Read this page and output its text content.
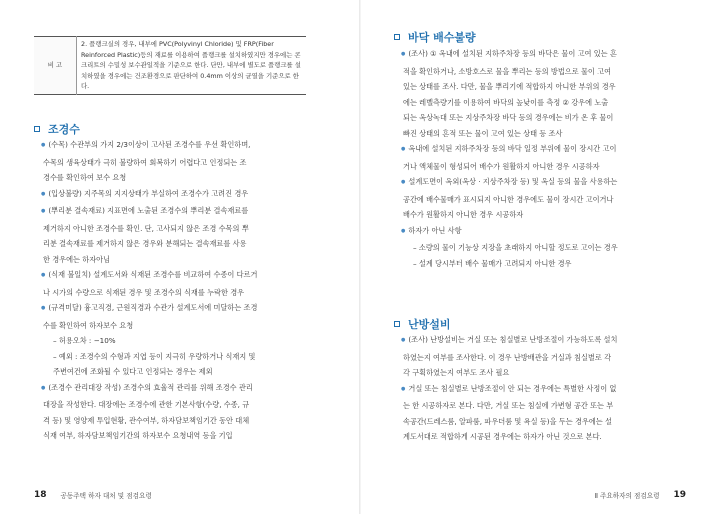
비 고	2. 플랭크실의 경우, 내부에 PVC(Polyvinyl Chloride) 및 FRP(Fiber Reinforced Plastic)등의 재료를 이용하여 플랭크를 설치하였지만 경우에는 콘크리트의 수밀성 보수관일적을 기준으로 한다. 단만, 내부에 별도로 플랭크를 설치하였을 경우에는 건조환경으로 판단하여 0.4mm 이상의 균열을 기준으로 한다.
조경수

● (수목) 수관부의 가지 2/3이상이 고사된 조경수를 우선 확인하며,

수목의 생육상태가 극히 불량하여 회복하기 어렵다고 인정되는 조

경수를 확인하여 보수 요청

● (입상불량) 지주목의 지지상태가 부실하여 조경수가 고려진 경우

● (뿌리분 결속재료) 지표면에 노출된 조경수의 뿌리분 결속재료를

제거하지 아니한 조경수를 확인. 단, 고사되지 않은 조경 수목의 뿌

리분 결속재료를 제거하지 않은 경우와 분해되는 결속재료를 사용

한 경우에는 하자아님

● (식재 불일치) 설계도서와 식재된 조경수를 비교하여 수종이 다르거

나 시가의 수량으로 식재된 경우 및 조경수의 식재를 누락한 경우

● (규격미달) 흉고직경, 근원직경과 수관가 설계도서에 미달하는 조경

수를 확인하여 하자보수 요청

– 허용오차 : −10%

– 예외 : 조경수의 수형과 지엽 등이 지극히 우량하거나 식재지 및

주변여건에 조화될 수 있다고 인정되는 경우는 제외

● (조경수 관리대장 작성) 조경수의 효율적 관리를 위해 조경수 관리

대장을 작성한다. 대장에는 조경수에 관한 기본사항(수량, 수종, 규

격 등) 및 영양제 투입현황, 관수여부, 하자담보책임기간 동안 대체

식재 여부, 하자담보책임기간의 하자보수 요청내역 등을 기입

18 공동주택 하자 대처 및 점검요령
바닥 배수불량

● (조사) ① 옥내에 설치된 지하주차장 등의 바닥은 물이 고여 있는 흔

적을 확인하거나, 소방호스로 물을 뿌리는 등의 방법으로 물이 고여

있는 상태를 조사. 다만, 물을 뿌리기에 적합하지 아니한 부위의 경우

에는 레벨측량기를 이용하여 바닥의 높낮이를 측정 ② 강우에 노출

되는 옥상녹대 또는 지상주차장 바닥 등의 경우에는 비가 온 후 물이

빠진 상태의 흔적 또는 물이 고여 있는 상태 등 조사

● 옥내에 설치된 지하주차장 등의 바닥 일정 부위에 물이 장시간 고이

거나 액체물이 형성되어 배수가 원활하지 아니한 경우 시공하자

● 설계도면이 옥외(옥상 · 지상주차장 등) 및 옥실 등의 물을 사용하는

공간에 배수물매가 표시되지 아니한 경우에도 물이 장시간 고이거나

배수가 원활하지 아니한 경우 시공하자

● 하자가 아닌 사항

– 소량의 물이 기능상 지장을 초래하지 아니할 정도로 고이는 경우

– 설계 당시부터 배수 물매가 고려되지 아니한 경우

난방설비

● (조사) 난방설비는 거실 또는 침실별로 난방조절이 가능하도록 설치

하였는지 여부를 조사한다. 이 경우 난방배관을 거실과 침실별로 각

각 구획하였는지 여부도 조사 필요

● 거실 또는 침실별로 난방조절이 안 되는 경우에는 특별한 사정이 없

는 한 시공하자로 본다. 다만, 거실 또는 침실에 가변형 공간 또는 부

속공간(드레스룸, 알파룸, 파우더룸 및 욕실 등)을 두는 경우에는 설

계도서대로 적합하게 시공된 경우에는 하자가 아닌 것으로 본다.

Ⅱ 주요하자의 점검요령 19
